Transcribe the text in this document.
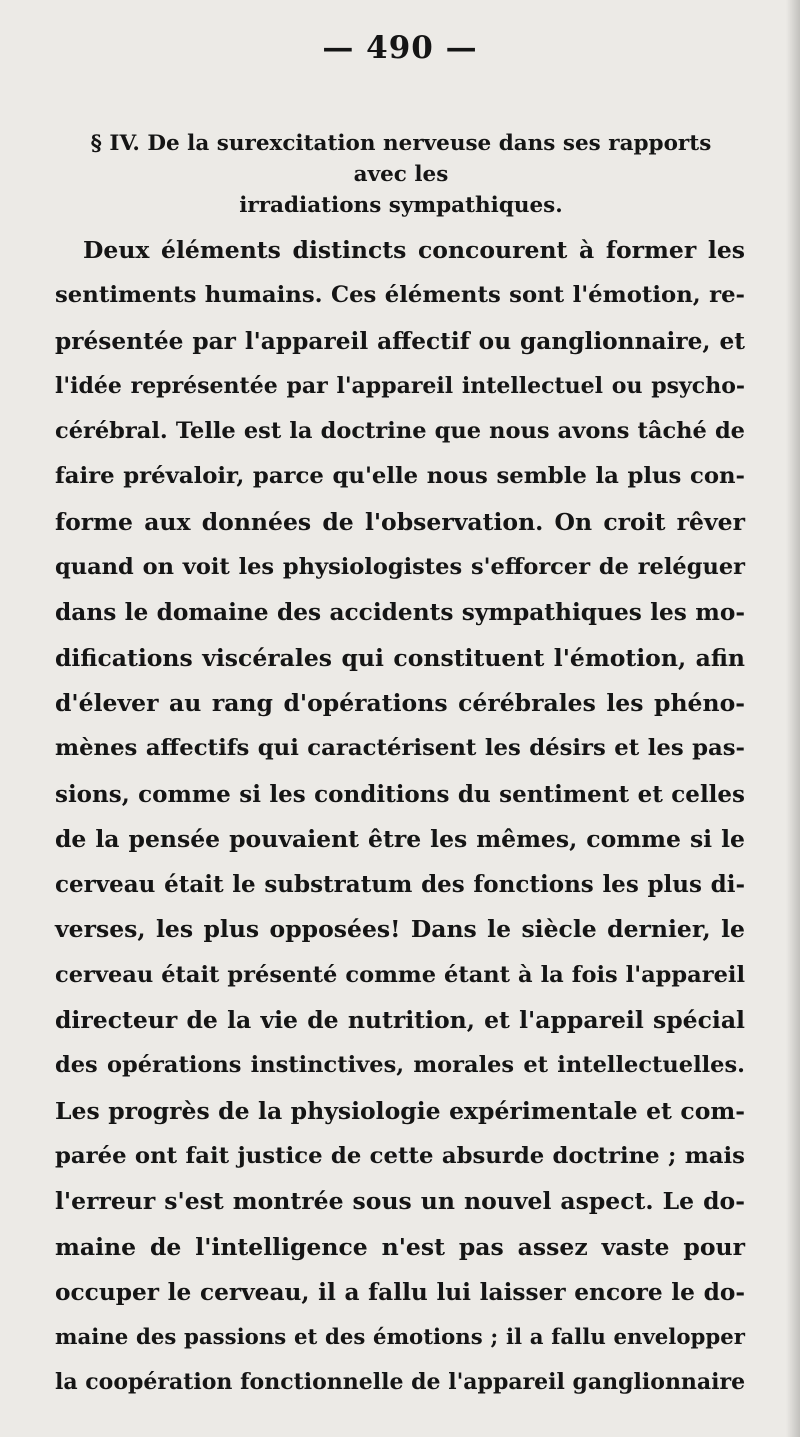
— 490 —
§ IV. De la surexcitation nerveuse dans ses rapports avec les
irradiations sympathiques.
Deux éléments distincts concourent à former les
sentiments humains. Ces éléments sont l'émotion, re-
présentée par l'appareil affectif ou ganglionnaire, et
l'idée représentée par l'appareil intellectuel ou psycho-
cérébral. Telle est la doctrine que nous avons tâché de
faire prévaloir, parce qu'elle nous semble la plus con-
forme aux données de l'observation. On croit rêver
quand on voit les physiologistes s'efforcer de reléguer
dans le domaine des accidents sympathiques les mo-
difications viscérales qui constituent l'émotion, afin
d'élever au rang d'opérations cérébrales les phéno-
mènes affectifs qui caractérisent les désirs et les pas-
sions, comme si les conditions du sentiment et celles
de la pensée pouvaient être les mêmes, comme si le
cerveau était le substratum des fonctions les plus di-
verses, les plus opposées! Dans le siècle dernier, le
cerveau était présenté comme étant à la fois l'appareil
directeur de la vie de nutrition, et l'appareil spécial
des opérations instinctives, morales et intellectuelles.
Les progrès de la physiologie expérimentale et com-
parée ont fait justice de cette absurde doctrine ; mais
l'erreur s'est montrée sous un nouvel aspect. Le do-
maine de l'intelligence n'est pas assez vaste pour
occuper le cerveau, il a fallu lui laisser encore le do-
maine des passions et des émotions ; il a fallu envelopper
la coopération fonctionnelle de l'appareil ganglionnaire
